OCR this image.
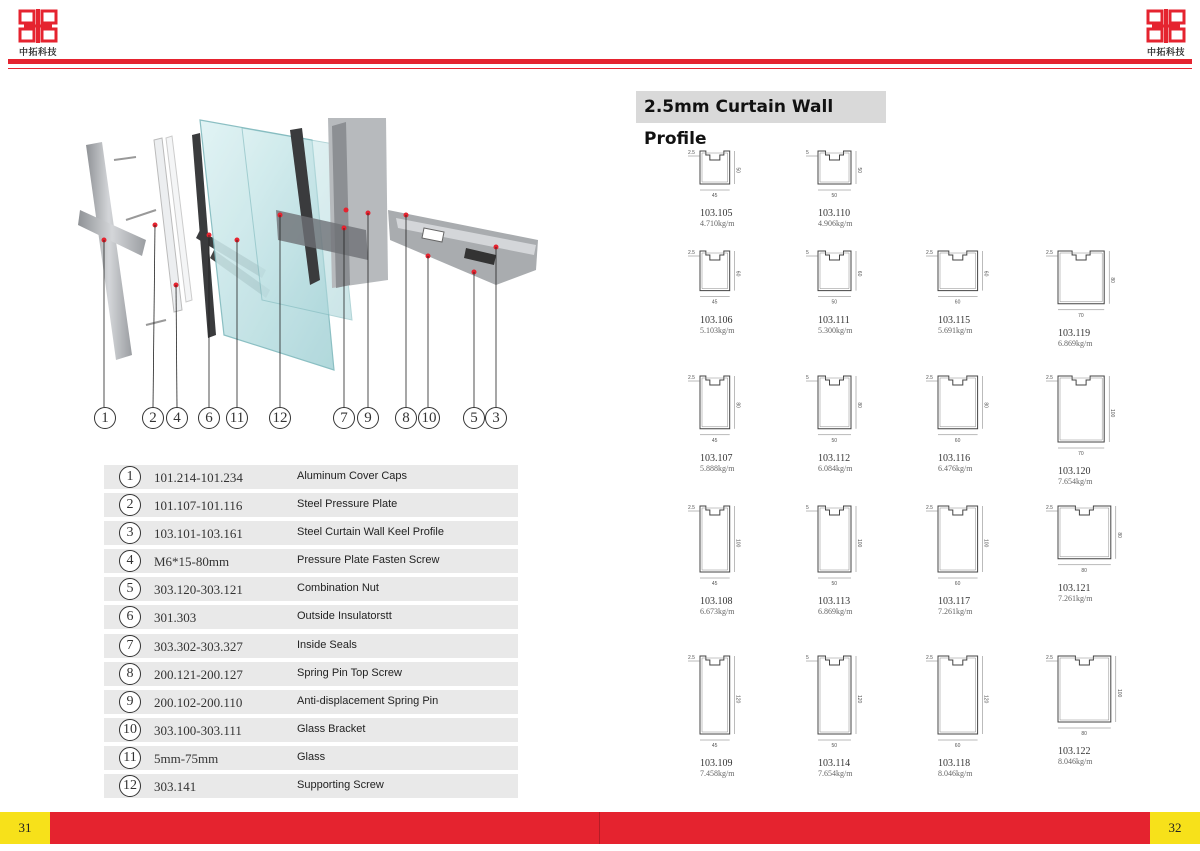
中拓科技	中拓科技
1	2	4	6	11 12	7	9	8 10	5 3
1	101.214-101.234	Aluminum Cover Caps
2	101.107-101.116	Steel Pressure Plate
3	103.101-103.161	Steel Curtain Wall Keel Profile
4	M6*15-80mm	Pressure Plate Fasten Screw
5	303.120-303.121	Combination Nut
6	301.303	Outside Insulatorstt
7	303.302-303.327	Inside Seals
8	200.121-200.127	Spring Pin Top Screw
9	200.102-200.110	Anti-displacement Spring Pin
10	303.100-303.111	Glass Bracket
11	5mm-75mm	Glass
12	303.141	Supporting Screw
2.5mm Curtain Wall Profile
2.5
50
45
103.105
4.710kg/m
5
50
50
103.110
4.906kg/m
2.5
60
45
103.106
5.103kg/m
5
60
50
103.111
5.300kg/m
2.5
60
60
103.115
5.691kg/m
2.5
80
70
103.119
6.869kg/m
2.5
80
45
103.107
5.888kg/m
5
80
50
103.112
6.084kg/m
2.5
80
60
103.116
6.476kg/m
2.5
100
70
103.120
7.654kg/m
2.5
100
45
103.108
6.673kg/m
5
100
50
103.113
6.869kg/m
2.5
100
60
103.117
7.261kg/m
2.5
80
80
103.121
7.261kg/m
2.5
120
45
103.109
7.458kg/m
5
120
50
103.114
7.654kg/m
2.5
120
60
103.118
8.046kg/m
2.5
100
80
103.122
8.046kg/m
31	32
